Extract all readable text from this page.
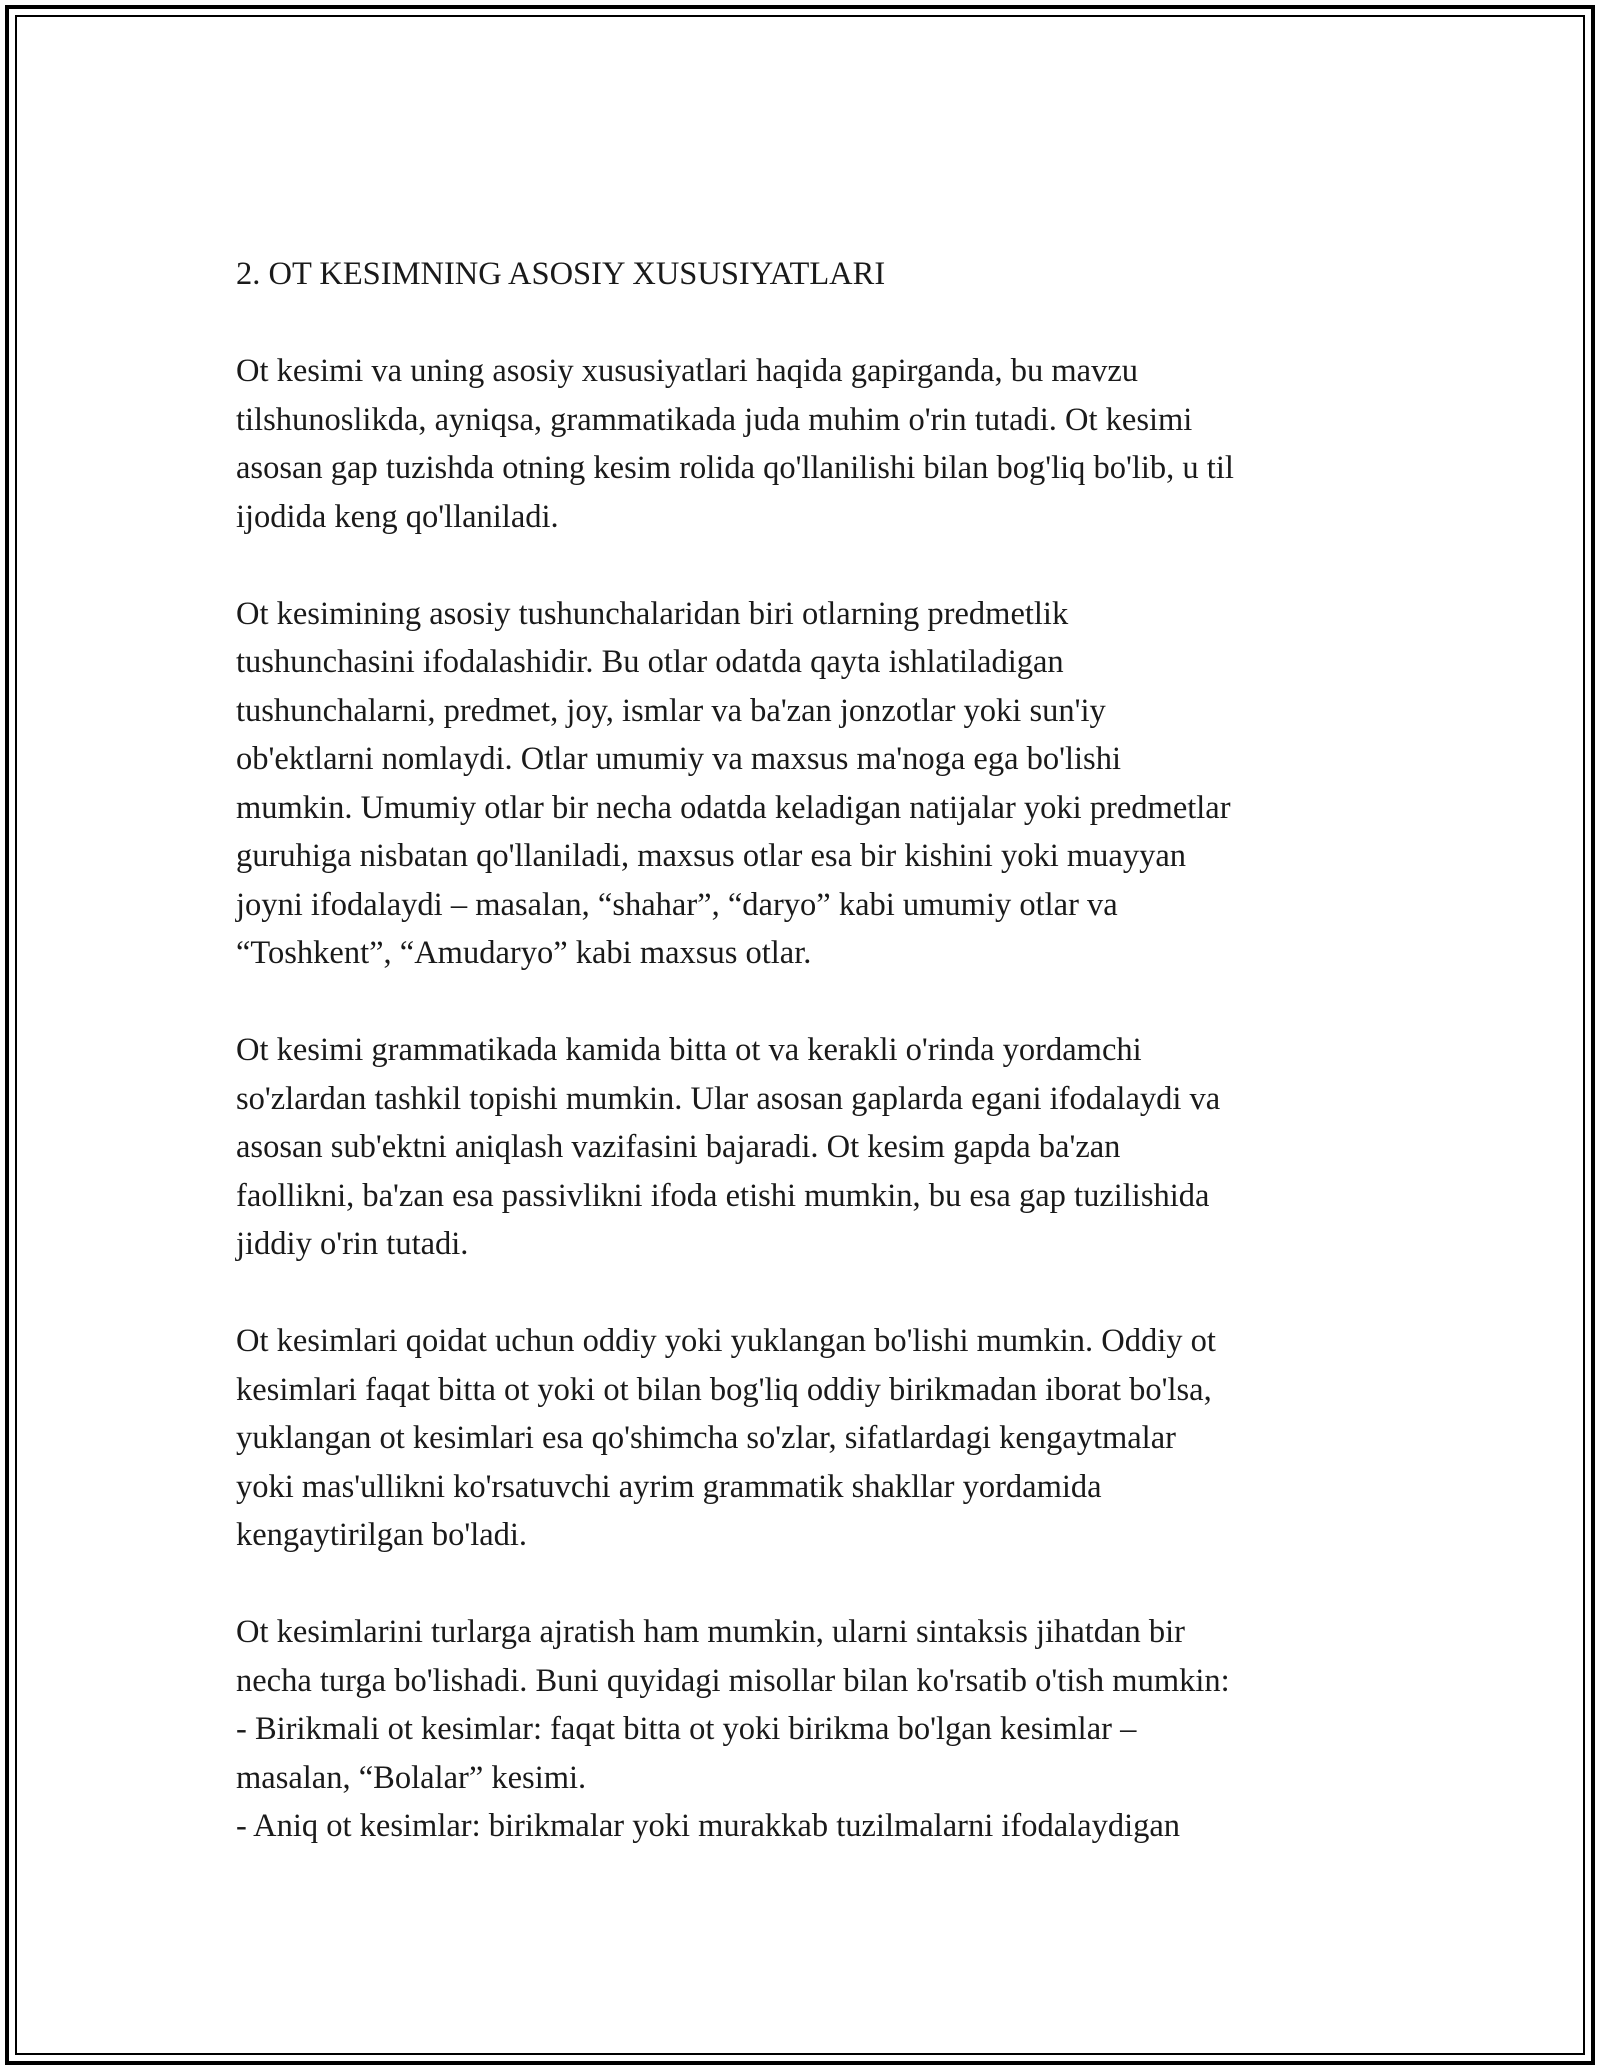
2. OT KESIMNING ASOSIY XUSUSIYATLARI
Ot kesimi va uning asosiy xususiyatlari haqida gapirganda, bu mavzu
tilshunoslikda, ayniqsa, grammatikada juda muhim o'rin tutadi. Ot kesimi
asosan gap tuzishda otning kesim rolida qo'llanilishi bilan bog'liq bo'lib, u til
ijodida keng qo'llaniladi.
Ot kesimining asosiy tushunchalaridan biri otlarning predmetlik
tushunchasini ifodalashidir. Bu otlar odatda qayta ishlatiladigan
tushunchalarni, predmet, joy, ismlar va ba'zan jonzotlar yoki sun'iy
ob'ektlarni nomlaydi. Otlar umumiy va maxsus ma'noga ega bo'lishi
mumkin. Umumiy otlar bir necha odatda keladigan natijalar yoki predmetlar
guruhiga nisbatan qo'llaniladi, maxsus otlar esa bir kishini yoki muayyan
joyni ifodalaydi – masalan, “shahar”, “daryo” kabi umumiy otlar va
“Toshkent”, “Amudaryo” kabi maxsus otlar.
Ot kesimi grammatikada kamida bitta ot va kerakli o'rinda yordamchi
so'zlardan tashkil topishi mumkin. Ular asosan gaplarda egani ifodalaydi va
asosan sub'ektni aniqlash vazifasini bajaradi. Ot kesim gapda ba'zan
faollikni, ba'zan esa passivlikni ifoda etishi mumkin, bu esa gap tuzilishida
jiddiy o'rin tutadi.
Ot kesimlari qoidat uchun oddiy yoki yuklangan bo'lishi mumkin. Oddiy ot
kesimlari faqat bitta ot yoki ot bilan bog'liq oddiy birikmadan iborat bo'lsa,
yuklangan ot kesimlari esa qo'shimcha so'zlar, sifatlardagi kengaytmalar
yoki mas'ullikni ko'rsatuvchi ayrim grammatik shakllar yordamida
kengaytirilgan bo'ladi.
Ot kesimlarini turlarga ajratish ham mumkin, ularni sintaksis jihatdan bir
necha turga bo'lishadi. Buni quyidagi misollar bilan ko'rsatib o'tish mumkin:
- Birikmali ot kesimlar: faqat bitta ot yoki birikma bo'lgan kesimlar –
masalan, “Bolalar” kesimi.
- Aniq ot kesimlar: birikmalar yoki murakkab tuzilmalarni ifodalaydigan
